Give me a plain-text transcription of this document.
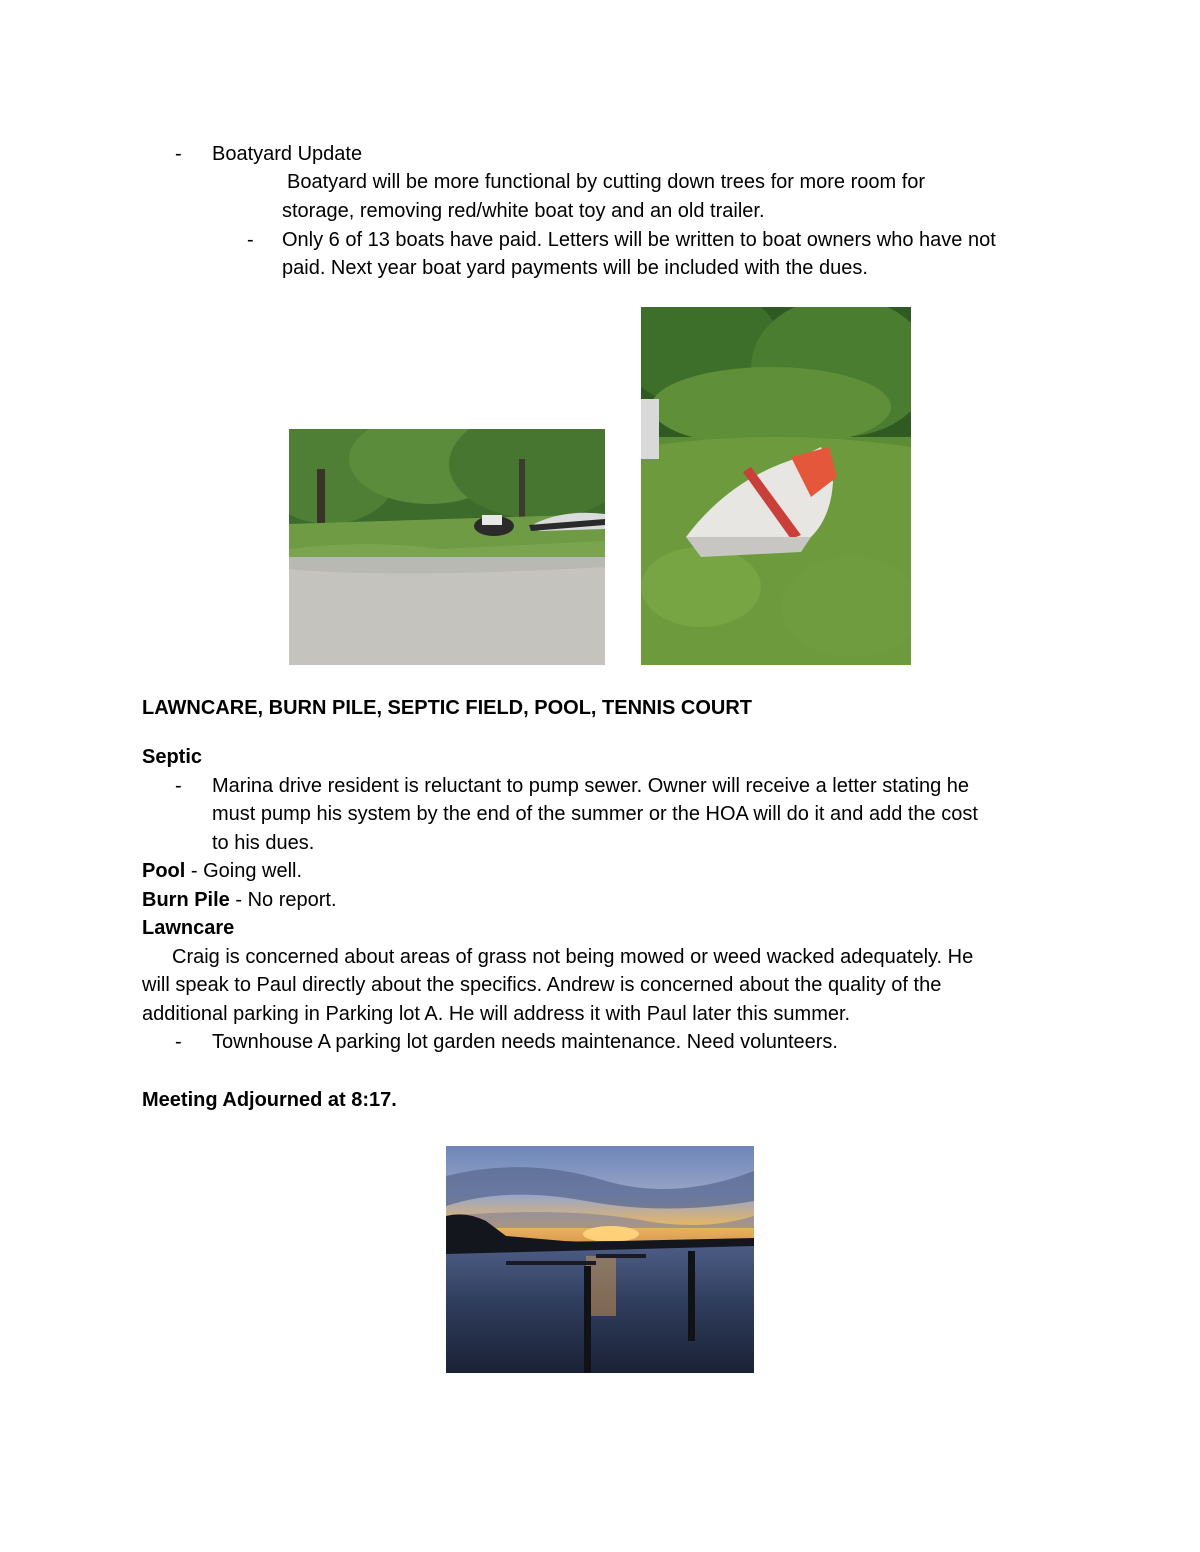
- Boatyard Update
Boatyard will be more functional by cutting down trees for more room for
storage, removing red/white boat toy and an old trailer.
- Only 6 of 13 boats have paid. Letters will be written to boat owners who have not
paid. Next year boat yard payments will be included with the dues.
LAWNCARE, BURN PILE, SEPTIC FIELD, POOL, TENNIS COURT
Septic
- Marina drive resident is reluctant to pump sewer. Owner will receive a letter stating he
must pump his system by the end of the summer or the HOA will do it and add the cost
to his dues.
Pool - Going well.
Burn Pile - No report.
Lawncare
Craig is concerned about areas of grass not being mowed or weed wacked adequately. He
will speak to Paul directly about the specifics. Andrew is concerned about the quality of the
additional parking in Parking lot A. He will address it with Paul later this summer.
- Townhouse A parking lot garden needs maintenance. Need volunteers.
Meeting Adjourned at 8:17.
